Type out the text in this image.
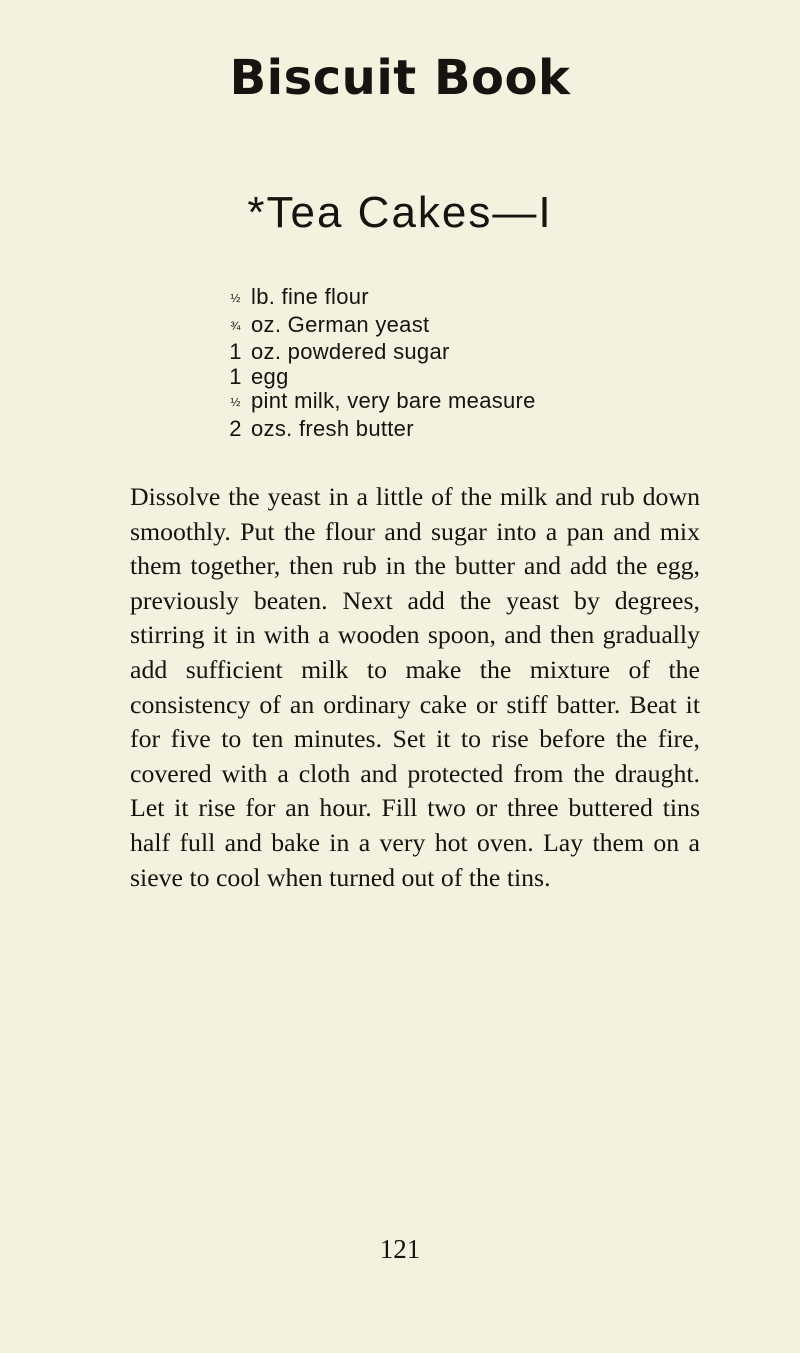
Biscuit Book
*Tea Cakes—I
½ lb. fine flour
¾ oz. German yeast
1 oz. powdered sugar
1 egg
½ pint milk, very bare measure
2 ozs. fresh butter

Dissolve the yeast in a little of the milk and rub down smoothly. Put the flour and sugar into a pan and mix them together, then rub in the butter and add the egg, previously beaten. Next add the yeast by degrees, stirring it in with a wooden spoon, and then gradually add sufficient milk to make the mixture of the consistency of an ordinary cake or stiff batter. Beat it for five to ten minutes. Set it to rise before the fire, covered with a cloth and protected from the draught. Let it rise for an hour. Fill two or three buttered tins half full and bake in a very hot oven. Lay them on a sieve to cool when turned out of the tins.

121
